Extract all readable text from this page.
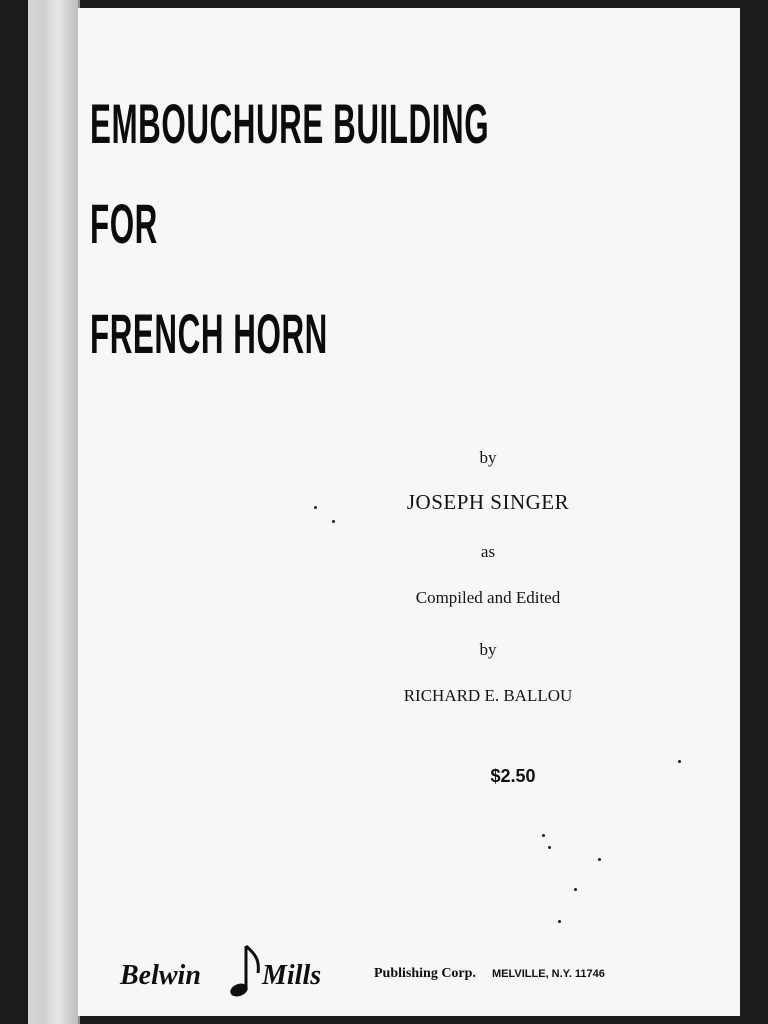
EMBOUCHURE BUILDING
FOR
FRENCH HORN
by
JOSEPH SINGER
as
Compiled and Edited
by
RICHARD E. BALLOU
$2.50
Belwin Mills	Publishing Corp. MELVILLE, N.Y. 11746
